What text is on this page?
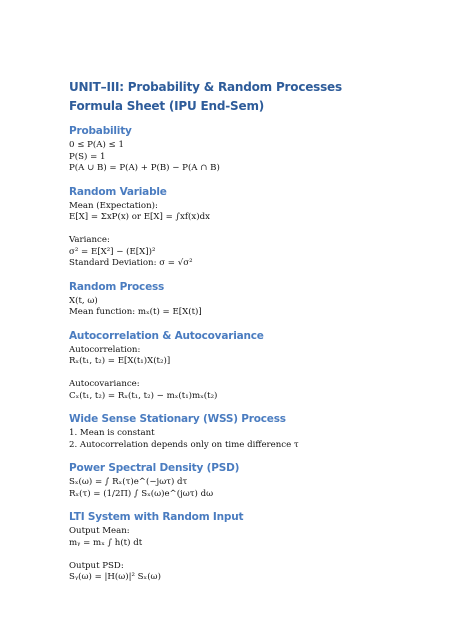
UNIT–III: Probability & Random Processes
Formula Sheet (IPU End-Sem)
Probability
0 ≤ P(A) ≤ 1
P(S) = 1
P(A ∪ B) = P(A) + P(B) − P(A ∩ B)
Random Variable
Mean (Expectation):
E[X] = ΣxP(x) or E[X] = ∫xf(x)dx
Variance:
σ² = E[X²] − (E[X])²
Standard Deviation: σ = √σ²
Random Process
X(t, ω)
Mean function: mₓ(t) = E[X(t)]
Autocorrelation & Autocovariance
Autocorrelation:
Rₓ(t₁, t₂) = E[X(t₁)X(t₂)]
Autocovariance:
Cₓ(t₁, t₂) = Rₓ(t₁, t₂) − mₓ(t₁)mₓ(t₂)
Wide Sense Stationary (WSS) Process
1. Mean is constant
2. Autocorrelation depends only on time difference τ
Power Spectral Density (PSD)
Sₓ(ω) = ∫ Rₓ(τ)e^(−jωτ) dτ
Rₓ(τ) = (1/2Π) ∫ Sₓ(ω)e^(jωτ) dω
LTI System with Random Input
Output Mean:
mᵧ = mₓ ∫ h(t) dt
Output PSD:
Sᵧ(ω) = |H(ω)|² Sₓ(ω)
